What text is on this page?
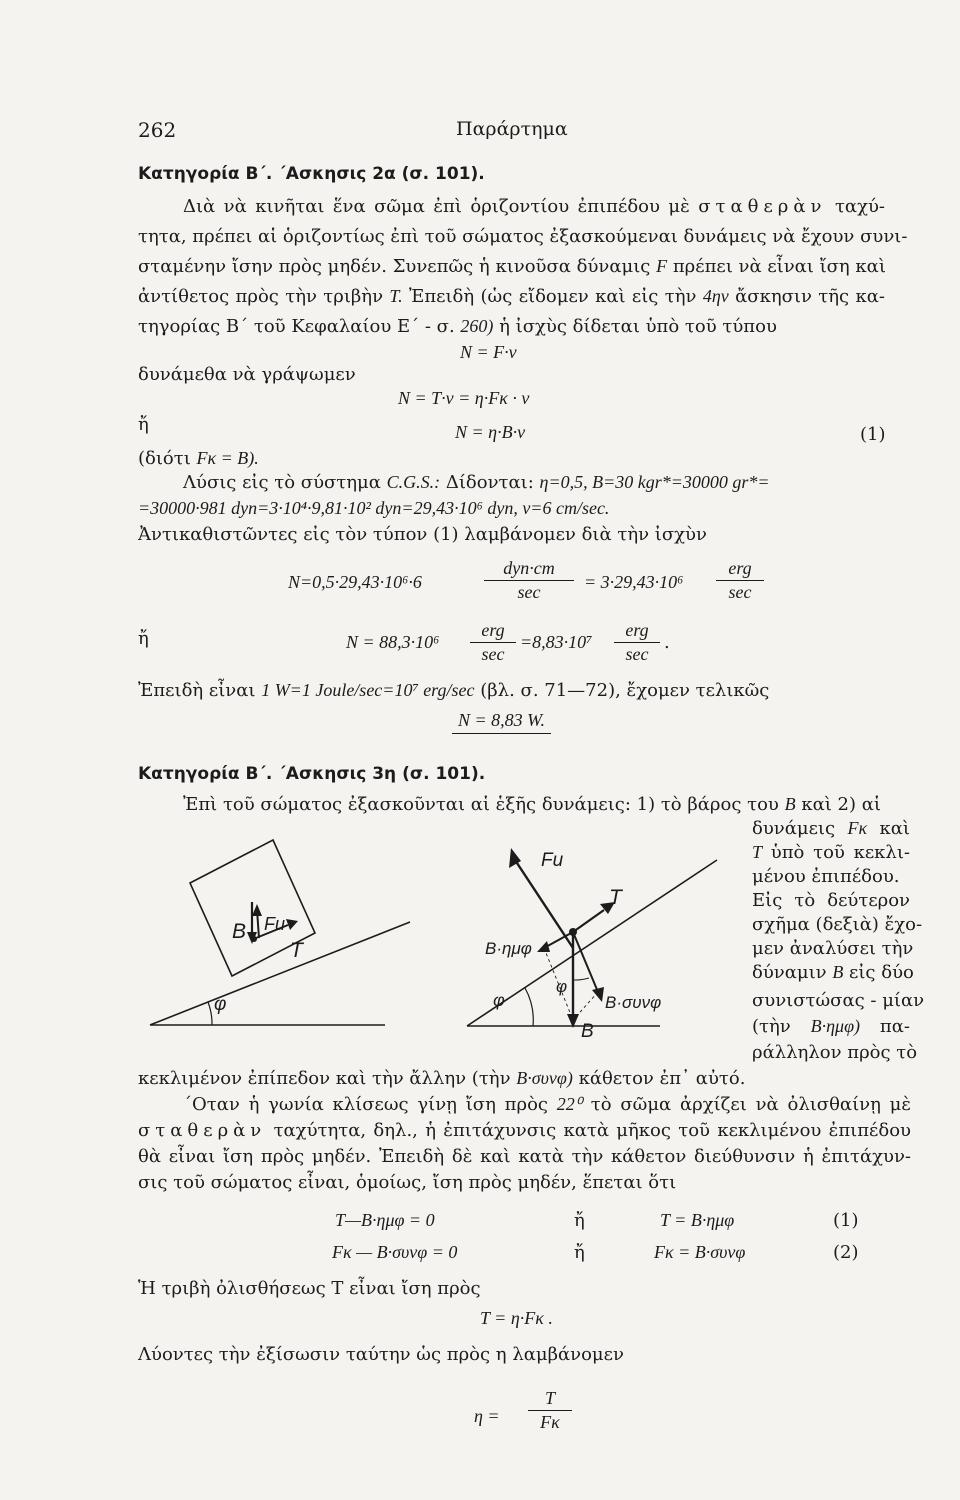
262	Παράρτημα
Κατηγορία Β΄. ΄Ασκησις 2α (σ. 101).
Διὰ νὰ κινῆται ἕνα σῶμα ἐπὶ ὁριζοντίου ἐπιπέδου μὲ σταθερὰν ταχύ-
τητα, πρέπει αἱ ὁριζοντίως ἐπὶ τοῦ σώματος ἐξασκούμεναι δυνάμεις νὰ ἔχουν συνι-
σταμένην ἴσην πρὸς μηδέν. Συνεπῶς ἡ κινοῦσα δύναμις F πρέπει νὰ εἶναι ἴση καὶ
ἀντίθετος πρὸς τὴν τριβὴν T. Ἐπειδὴ (ὡς εἴδομεν καὶ εἰς τὴν 4ην ἄσκησιν τῆς κα-
τηγορίας Β΄ τοῦ Κεφαλαίου Ε΄ - σ. 260) ἡ ἰσχὺς δίδεται ὑπὸ τοῦ τύπου
N = F·v
δυνάμεθα νὰ γράψωμεν
N = T·v = η·Fκ · v
ἤ	N = η·B·v	(1)
(διότι Fκ = B).
Λύσις εἰς τὸ σύστημα C.G.S.: Δίδονται: η=0,5, B=30 kgr*=30000 gr*=
=30000·981 dyn=3·10⁴·9,81·10² dyn=29,43·10⁶ dyn, v=6 cm/sec.
Ἀντικαθιστῶντες εἰς τὸν τύπον (1) λαμβάνομεν διὰ τὴν ἰσχὺν
N=0,5·29,43·10⁶·6
dyn·cm
sec	= 3·29,43·10⁶
erg
sec
ἤ	N = 88,3·10⁶
erg
sec
=8,83·10⁷
erg
sec
.
Ἐπειδὴ εἶναι 1 W=1 Joule/sec=10⁷ erg/sec (βλ. σ. 71—72), ἔχομεν τελικῶς
N = 8,83 W.
Κατηγορία Β΄. ΄Ασκησις 3η (σ. 101).
Ἐπὶ τοῦ σώματος ἐξασκοῦνται αἱ ἑξῆς δυνάμεις: 1) τὸ βάρος του B καὶ 2) αἱ
δυνάμεις Fκ καὶ
T ὑπὸ τοῦ κεκλι-
μένου ἐπιπέδου.
Εἰς τὸ δεύτερον
σχῆμα (δεξιὰ) ἔχο-
μεν ἀναλύσει τὴν
δύναμιν B εἰς δύο
συνιστώσας - μίαν
(τὴν B·ημφ) πα-
ράλληλον πρὸς τὸ
B Fu
T
φ
Fu
T
B·ημφ
φ
φ
B·συνφ
B
κεκλιμένον ἐπίπεδον καὶ τὴν ἄλλην (τὴν B·συνφ) κάθετον ἐπ᾿ αὐτό.
΄Οταν ἡ γωνία κλίσεως γίνῃ ἴση πρὸς 22⁰ τὸ σῶμα ἀρχίζει νὰ ὀλισθαίνῃ μὲ
σταθερὰν ταχύτητα, δηλ., ἡ ἐπιτάχυνσις κατὰ μῆκος τοῦ κεκλιμένου ἐπιπέδου
θὰ εἶναι ἴση πρὸς μηδέν. Ἐπειδὴ δὲ καὶ κατὰ τὴν κάθετον διεύθυνσιν ἡ ἐπιτάχυν-
σις τοῦ σώματος εἶναι, ὁμοίως, ἴση πρὸς μηδέν, ἕπεται ὅτι
T—B·ημφ = 0	ἤ	T = B·ημφ	(1)
Fκ — B·συνφ = 0	ἤ	Fκ = B·συνφ	(2)
Ἡ τριβὴ ὀλισθήσεως T εἶναι ἴση πρὸς
T = η·Fκ .
Λύοντες τὴν ἐξίσωσιν ταύτην ὡς πρὸς η λαμβάνομεν
$\eta = \frac{T}{F\kappa}$
